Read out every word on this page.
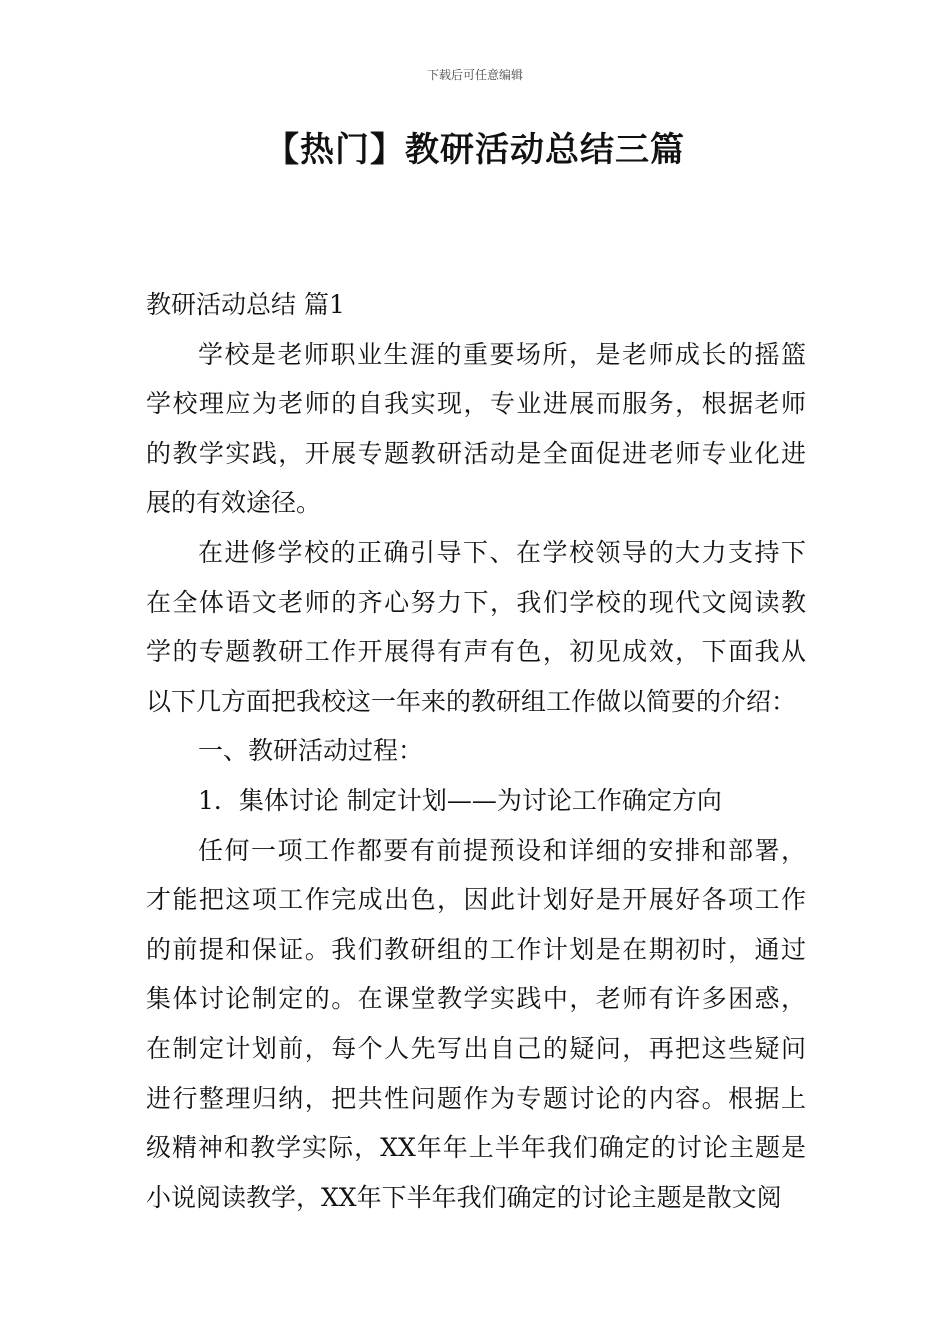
下载后可任意编辑
【热门】教研活动总结三篇
教研活动总结 篇1
学校是老师职业生涯的重要场所，是老师成长的摇篮
学校理应为老师的自我实现，专业进展而服务，根据老师
的教学实践，开展专题教研活动是全面促进老师专业化进
展的有效途径。
在进修学校的正确引导下、在学校领导的大力支持下
在全体语文老师的齐心努力下，我们学校的现代文阅读教
学的专题教研工作开展得有声有色，初见成效，下面我从
以下几方面把我校这一年来的教研组工作做以简要的介绍：
一、教研活动过程：
1．集体讨论 制定计划——为讨论工作确定方向
任何一项工作都要有前提预设和详细的安排和部署，
才能把这项工作完成出色，因此计划好是开展好各项工作
的前提和保证。我们教研组的工作计划是在期初时，通过
集体讨论制定的。在课堂教学实践中，老师有许多困惑，
在制定计划前，每个人先写出自己的疑问，再把这些疑问
进行整理归纳，把共性问题作为专题讨论的内容。根据上
级精神和教学实际，XX年年上半年我们确定的讨论主题是
小说阅读教学，XX年下半年我们确定的讨论主题是散文阅
